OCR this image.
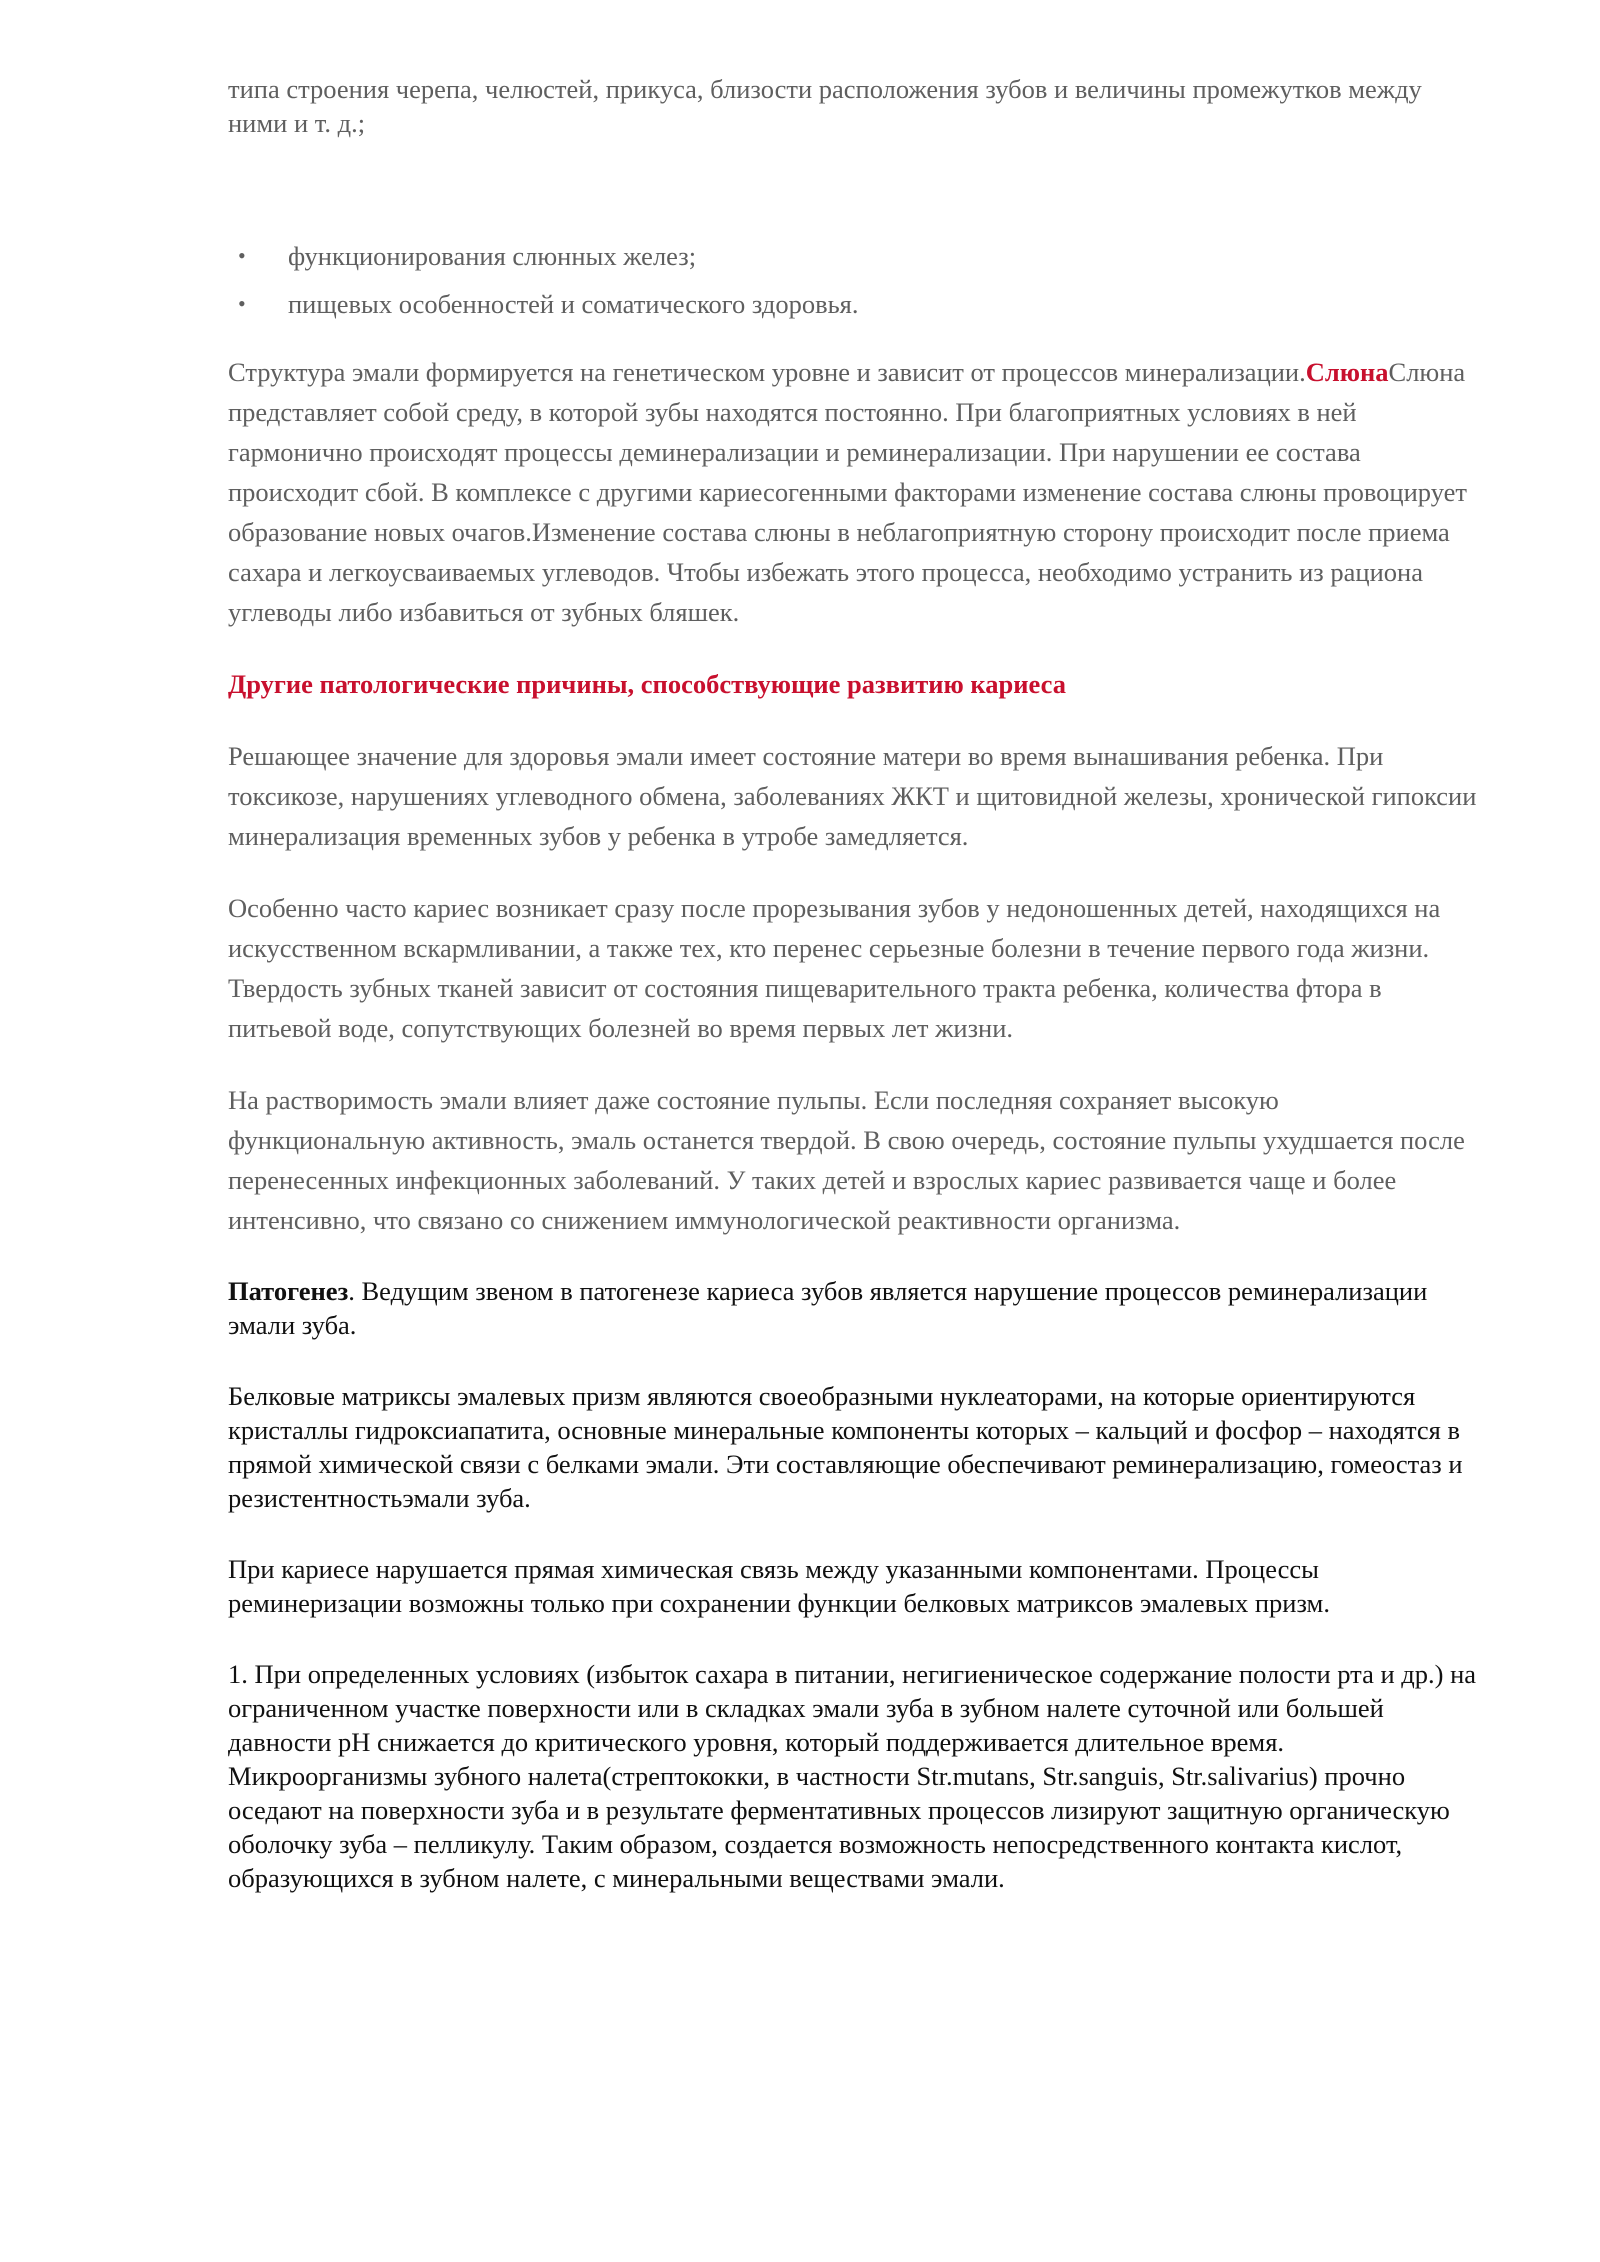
типа строения черепа, челюстей, прикуса, близости расположения зубов и величины промежутков между ними и т. д.;

• функционирования слюнных желез;
• пищевых особенностей и соматического здоровья.

Структура эмали формируется на генетическом уровне и зависит от процессов минерализации.СлюнаСлюна представляет собой среду, в которой зубы находятся постоянно. При благоприятных условиях в ней гармонично происходят процессы деминерализации и реминерализации. При нарушении ее состава происходит сбой. В комплексе с другими кариесогенными факторами изменение состава слюны провоцирует образование новых очагов.Изменение состава слюны в неблагоприятную сторону происходит после приема сахара и легкоусваиваемых углеводов. Чтобы избежать этого процесса, необходимо устранить из рациона углеводы либо избавиться от зубных бляшек.

Другие патологические причины, способствующие развитию кариеса

Решающее значение для здоровья эмали имеет состояние матери во время вынашивания ребенка. При токсикозе, нарушениях углеводного обмена, заболеваниях ЖКТ и щитовидной железы, хронической гипоксии минерализация временных зубов у ребенка в утробе замедляется.

Особенно часто кариес возникает сразу после прорезывания зубов у недоношенных детей, находящихся на искусственном вскармливании, а также тех, кто перенес серьезные болезни в течение первого года жизни. Твердость зубных тканей зависит от состояния пищеварительного тракта ребенка, количества фтора в питьевой воде, сопутствующих болезней во время первых лет жизни.

На растворимость эмали влияет даже состояние пульпы. Если последняя сохраняет высокую функциональную активность, эмаль останется твердой. В свою очередь, состояние пульпы ухудшается после перенесенных инфекционных заболеваний. У таких детей и взрослых кариес развивается чаще и более интенсивно, что связано со снижением иммунологической реактивности организма.

Патогенез. Ведущим звеном в патогенезе кариеса зубов является нарушение процессов реминерализации эмали зуба.

Белковые матриксы эмалевых призм являются своеобразными нуклеаторами, на которые ориентируются кристаллы гидроксиапатита, основные минеральные компоненты которых – кальций и фосфор – находятся в прямой химической связи с белками эмали. Эти составляющие обеспечивают реминерализацию, гомеостаз и резистентностьэмали зуба.

При кариесе нарушается прямая химическая связь между указанными компонентами. Процессы реминеризации возможны только при сохранении функции белковых матриксов эмалевых призм.

1. При определенных условиях (избыток сахара в питании, негигиеническое содержание полости рта и др.) на ограниченном участке поверхности или в складках эмали зуба в зубном налете суточной или большей давности pH снижается до критического уровня, который поддерживается длительное время. Микроорганизмы зубного налета(стрептококки, в частности Str.mutans, Str.sanguis, Str.salivarius) прочно оседают на поверхности зуба и в результате ферментативных процессов лизируют защитную органическую оболочку зуба – пелликулу. Таким образом, создается возможность непосредственного контакта кислот, образующихся в зубном налете, с минеральными веществами эмали.
